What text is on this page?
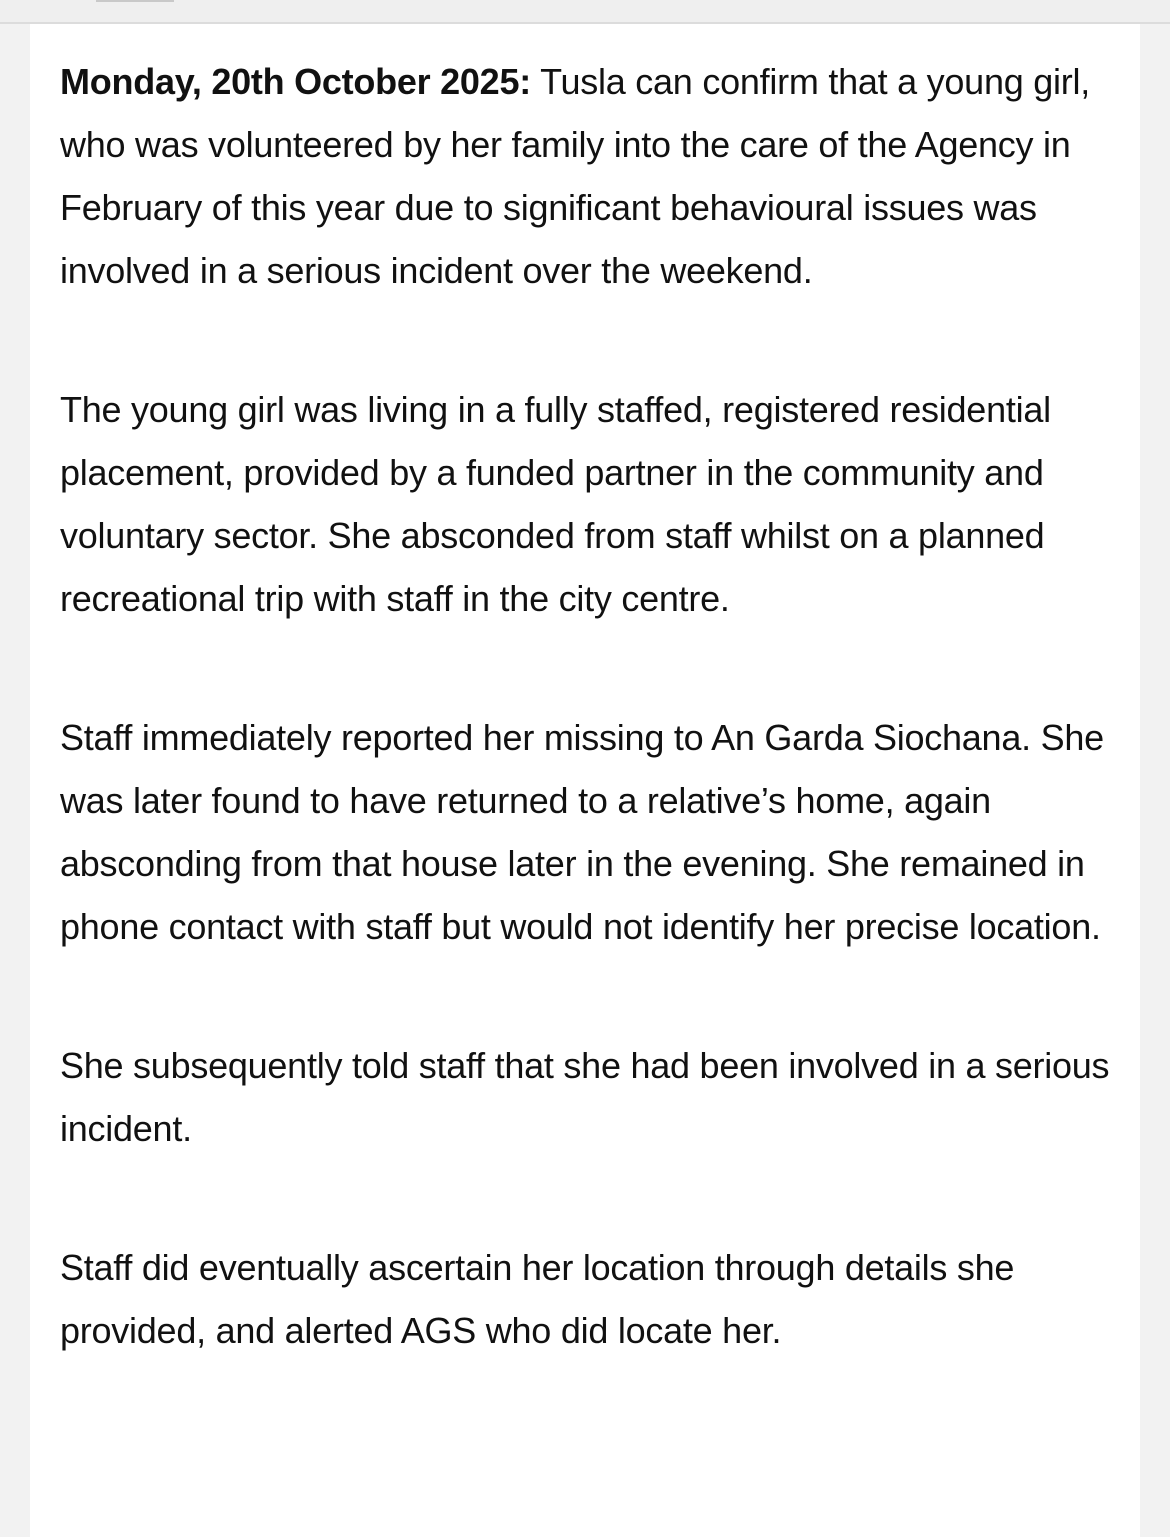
Monday, 20th October 2025: Tusla can confirm that a young girl, who was volunteered by her family into the care of the Agency in February of this year due to significant behavioural issues was involved in a serious incident over the weekend.

The young girl was living in a fully staffed, registered residential placement, provided by a funded partner in the community and voluntary sector. She absconded from staff whilst on a planned recreational trip with staff in the city centre.

Staff immediately reported her missing to An Garda Siochana. She was later found to have returned to a relative’s home, again absconding from that house later in the evening. She remained in phone contact with staff but would not identify her precise location.

She subsequently told staff that she had been involved in a serious incident.

Staff did eventually ascertain her location through details she provided, and alerted AGS who did locate her.
